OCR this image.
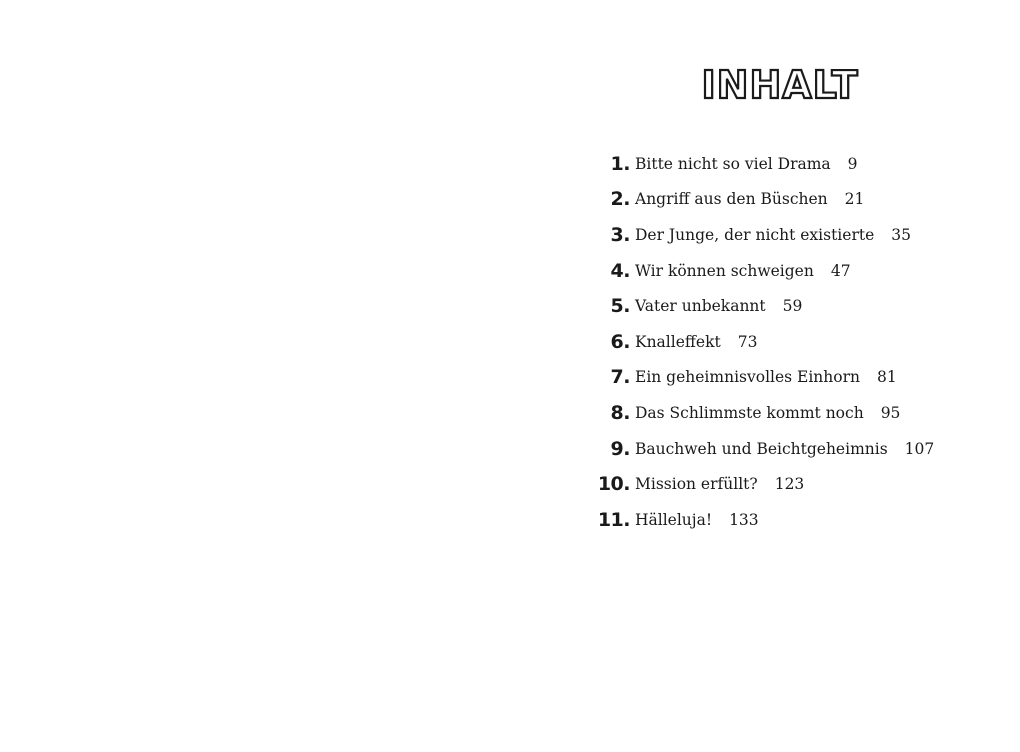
INHALT
1. Bitte nicht so viel Drama 9
2. Angriff aus den Büschen 21
3. Der Junge, der nicht existierte 35
4. Wir können schweigen 47
5. Vater unbekannt 59
6. Knalleffekt 73
7. Ein geheimnisvolles Einhorn 81
8. Das Schlimmste kommt noch 95
9. Bauchweh und Beichtgeheimnis 107
10. Mission erfüllt? 123
11. Hälleluja! 133
